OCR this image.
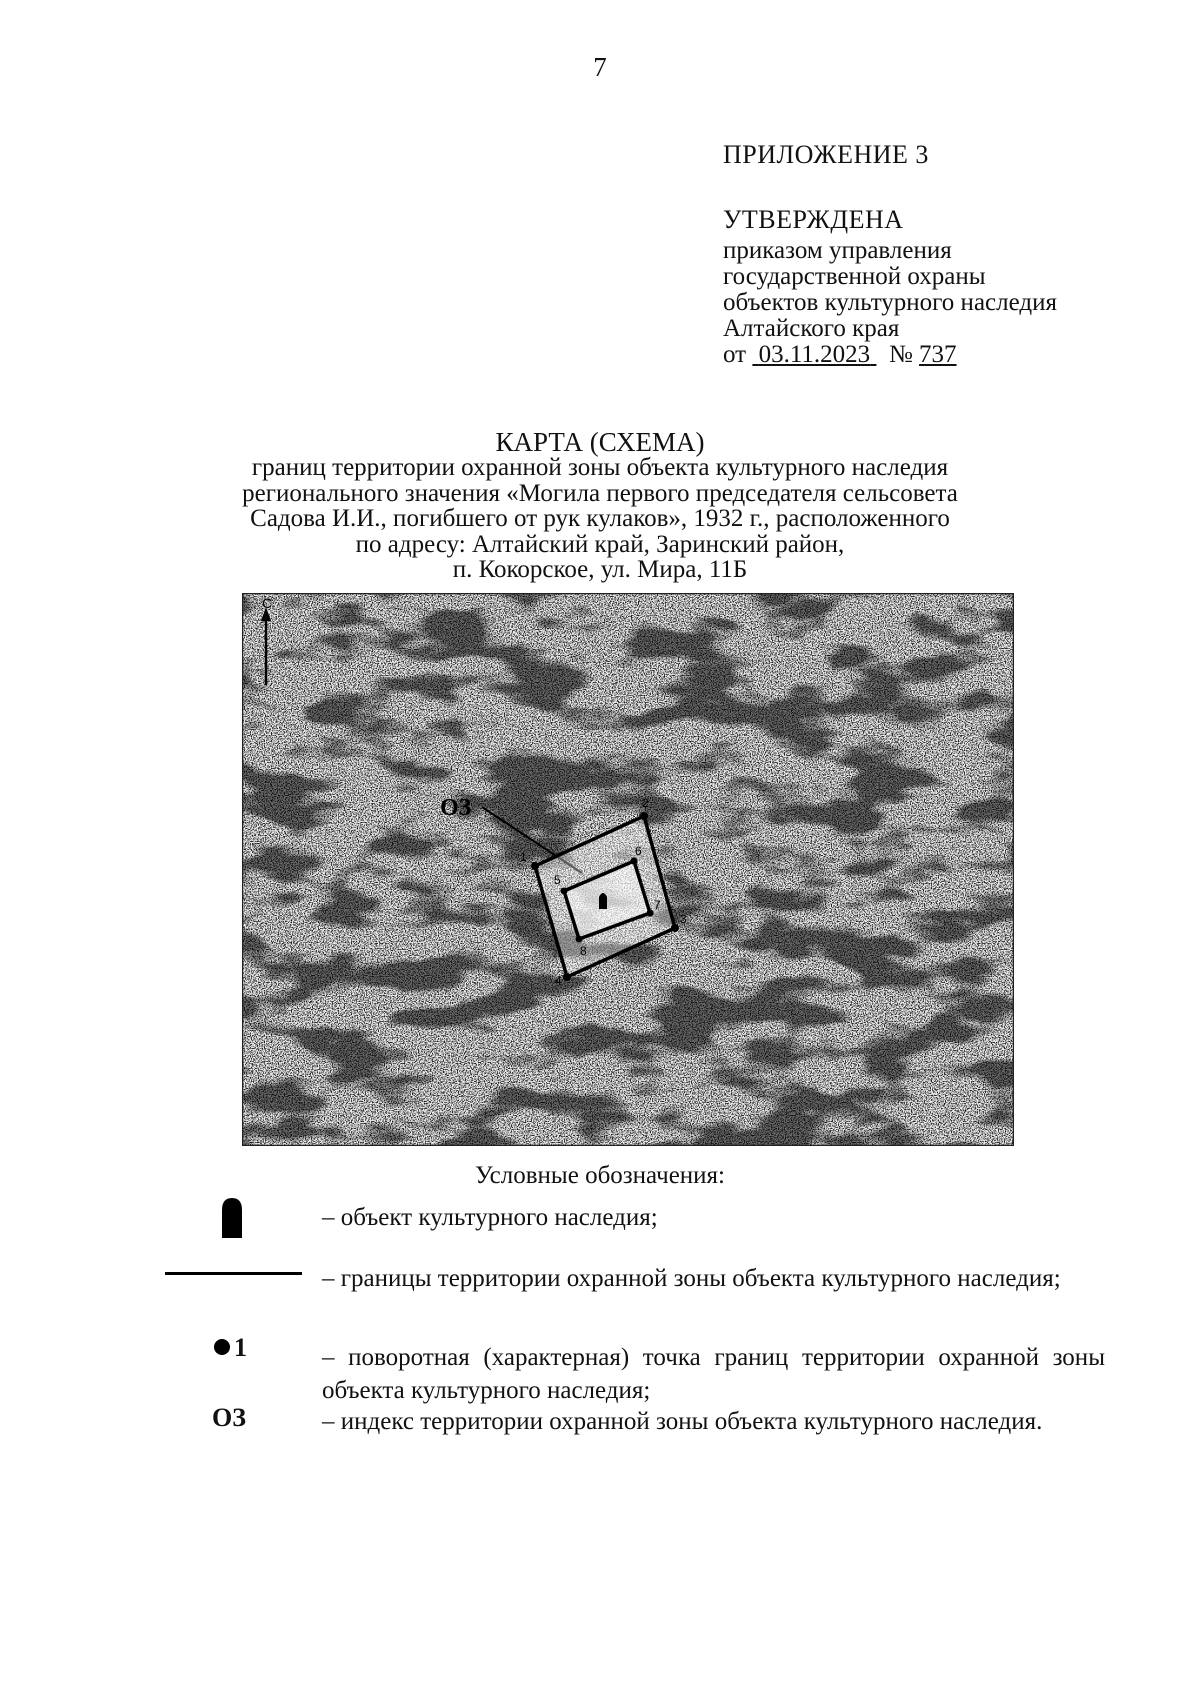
7
ПРИЛОЖЕНИЕ 3
УТВЕРЖДЕНА
приказом управления
государственной охраны
объектов культурного наследия
Алтайского края
от 03.11.2023 № 737
КАРТА (СХЕМА)
границ территории охранной зоны объекта культурного наследия
регионального значения «Могила первого председателя сельсовета
Садова И.И., погибшего от рук кулаков», 1932 г., расположенного
по адресу: Алтайский край, Заринский район,
п. Кокорское, ул. Мира, 11Б
С
ОЗ
1
2
3
4
5
6
7
8
Условные обозначения:
– объект культурного наследия;
– границы территории охранной зоны объекта культурного наследия;
1	– поворотная (характерная) точка границ территории охранной зоны объекта культурного наследия;
ОЗ	– индекс территории охранной зоны объекта культурного наследия.
